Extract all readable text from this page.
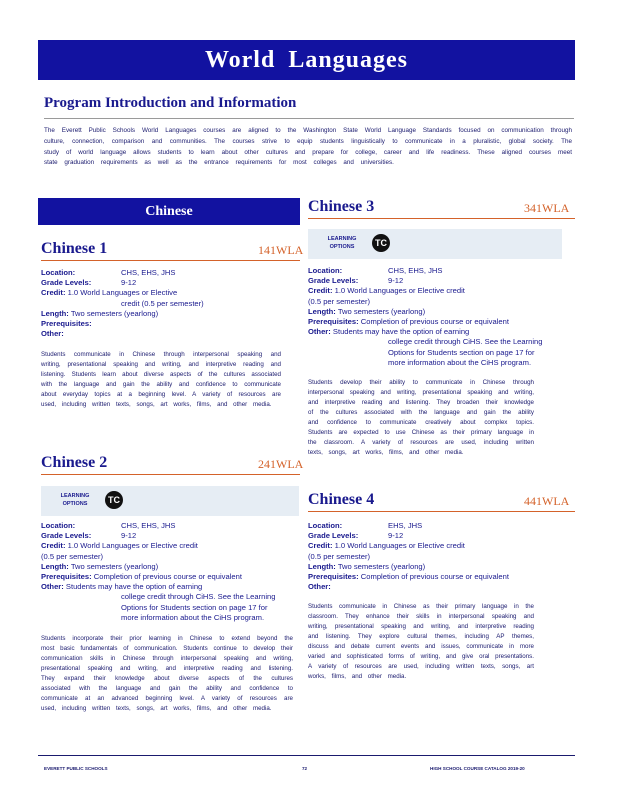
World Languages
Program Introduction and Information
The Everett Public Schools World Languages courses are aligned to the Washington State World Language Standards focused on communication through culture, connection, comparison and communities. The courses strive to equip students linguistically to communicate in a pluralistic, global society. The study of world language allows students to learn about other cultures and prepare for college, career and life readiness. These aligned courses meet state graduation requirements as well as the entrance requirements for most colleges and universities.
Chinese
Chinese 1	141WLA
Location:	CHS, EHS, JHS
Grade Levels:	9-12
Credit: 1.0 World Languages or Elective
credit (0.5 per semester)
Length: Two semesters (yearlong)
Prerequisites:
Other:
Students communicate in Chinese through interpersonal speaking and writing, presentational speaking and writing, and interpretive reading and listening. Students learn about diverse aspects of the cultures associated with the language and gain the ability and confidence to communicate about everyday topics at a beginning level. A variety of resources are used, including written texts, songs, art works, films, and other media.
Chinese 2	241WLA
LEARNING OPTIONS	TC
Location:	CHS, EHS, JHS
Grade Levels:	9-12
Credit: 1.0 World Languages or Elective credit
(0.5 per semester)
Length: Two semesters (yearlong)
Prerequisites: Completion of previous course or equivalent
Other: Students may have the option of earning
college credit through CiHS. See the Learning
Options for Students section on page 17 for
more information about the CiHS program.
Students incorporate their prior learning in Chinese to extend beyond the most basic fundamentals of communication. Students continue to develop their communication skills in Chinese through interpersonal speaking and writing, presentational speaking and writing, and interpretive reading and listening. They expand their knowledge about diverse aspects of the cultures associated with the language and gain the ability and confidence to communicate at an advanced beginning level. A variety of resources are used, including written texts, songs, art works, films, and other media.
Chinese 3	341WLA
LEARNING OPTIONS	TC
Location:	CHS, EHS, JHS
Grade Levels:	9-12
Credit: 1.0 World Languages or Elective credit
(0.5 per semester)
Length: Two semesters (yearlong)
Prerequisites: Completion of previous course or equivalent
Other: Students may have the option of earning
college credit through CiHS. See the Learning
Options for Students section on page 17 for
more information about the CiHS program.
Students develop their ability to communicate in Chinese through interpersonal speaking and writing, presentational speaking and writing, and interpretive reading and listening. They broaden their knowledge of the cultures associated with the language and gain the ability and confidence to communicate creatively about complex topics. Students are expected to use Chinese as their primary language in the classroom. A variety of resources are used, including written texts, songs, art works, films, and other media.
Chinese 4	441WLA
Location:	EHS, JHS
Grade Levels:	9-12
Credit: 1.0 World Languages or Elective credit
(0.5 per semester)
Length: Two semesters (yearlong)
Prerequisites: Completion of previous course or equivalent
Other:
Students communicate in Chinese as their primary language in the classroom. They enhance their skills in interpersonal speaking and writing, presentational speaking and writing, and interpretive reading and listening. They explore cultural themes, including AP themes, discuss and debate current events and issues, communicate in more varied and sophisticated forms of writing, and give oral presentations. A variety of resources are used, including written texts, songs, art works, films, and other media.
EVERETT PUBLIC SCHOOLS	72	HIGH SCHOOL COURSE CATALOG 2019-20
